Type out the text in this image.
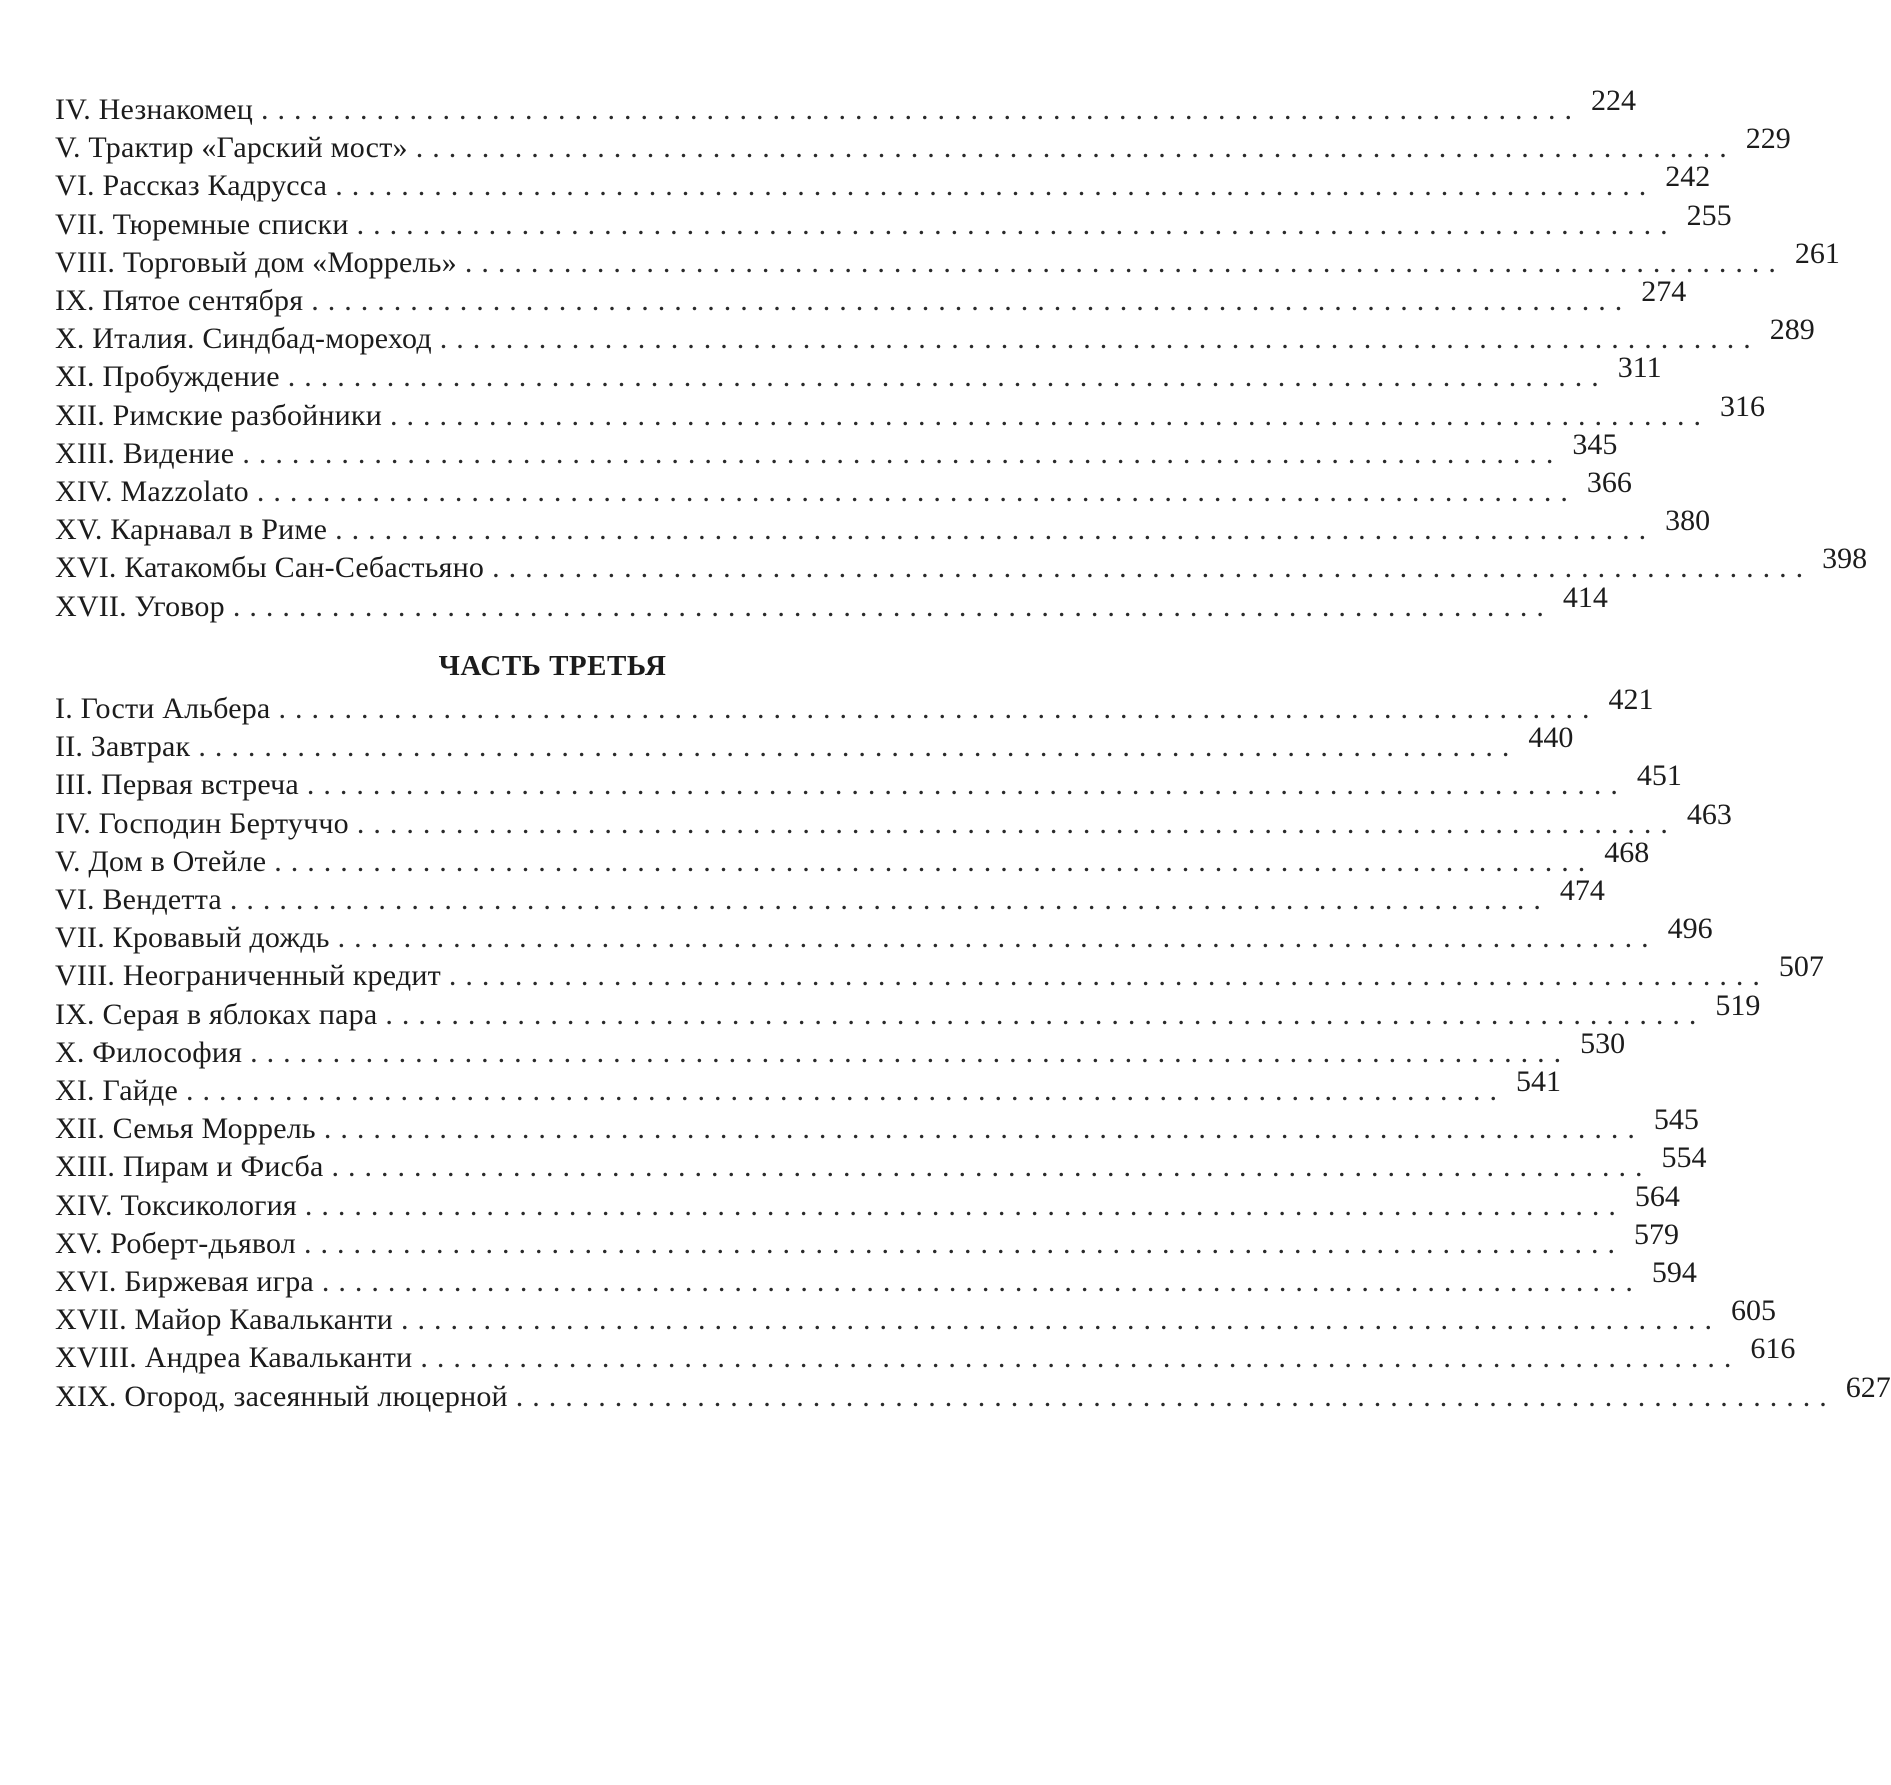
IV. Незнакомец ................................................................................ 224
V. Трактир «Гарский мост» ................................................................................ 229
VI. Рассказ Кадрусса ................................................................................ 242
VII. Тюремные списки ................................................................................ 255
VIII. Торговый дом «Моррель» ................................................................................ 261
IX. Пятое сентября ................................................................................ 274
X. Италия. Синдбад-мореход ................................................................................ 289
XI. Пробуждение ................................................................................ 311
XII. Римские разбойники ................................................................................ 316
XIII. Видение ................................................................................ 345
XIV. Mazzolato ................................................................................ 366
XV. Карнавал в Риме ................................................................................ 380
XVI. Катакомбы Сан-Себастьяно ................................................................................ 398
XVII. Уговор ................................................................................ 414
ЧАСТЬ ТРЕТЬЯ
I. Гости Альбера ................................................................................ 421
II. Завтрак ................................................................................ 440
III. Первая встреча ................................................................................ 451
IV. Господин Бертуччо ................................................................................ 463
V. Дом в Отейле ................................................................................ 468
VI. Вендетта ................................................................................ 474
VII. Кровавый дождь ................................................................................ 496
VIII. Неограниченный кредит ................................................................................ 507
IX. Серая в яблоках пара ................................................................................ 519
X. Философия ................................................................................ 530
XI. Гайде ................................................................................ 541
XII. Семья Моррель ................................................................................ 545
XIII. Пирам и Фисба ................................................................................ 554
XIV. Токсикология ................................................................................ 564
XV. Роберт-дьявол ................................................................................ 579
XVI. Биржевая игра ................................................................................ 594
XVII. Майор Кавальканти ................................................................................ 605
XVIII. Андреа Кавальканти ................................................................................ 616
XIX. Огород, засеянный люцерной ................................................................................ 627
